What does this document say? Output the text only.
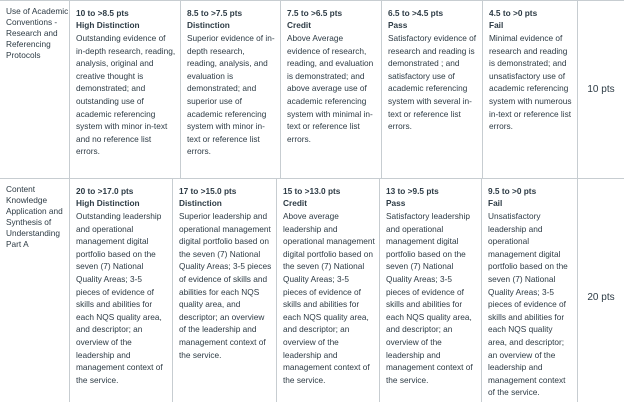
Use of Academic Conventions - Research and Referencing Protocols
10 to >8.5 pts
High Distinction
Outstanding evidence of in-depth research, reading, analysis, original and creative thought is demonstrated; and outstanding use of academic referencing system with minor in-text and no reference list errors.
8.5 to >7.5 pts
Distinction
Superior evidence of in-depth research, reading, analysis, and evaluation is demonstrated; and superior use of academic referencing system with minor in-text or reference list errors.
7.5 to >6.5 pts
Credit
Above Average evidence of research, reading, and evaluation is demonstrated; and above average use of academic referencing system with minimal in-text or reference list errors.
6.5 to >4.5 pts
Pass
Satisfactory evidence of research and reading is demonstrated ; and satisfactory use of academic referencing system with several in-text or reference list errors.
4.5 to >0 pts
Fail
Minimal evidence of research and reading is demonstrated; and unsatisfactory use of academic referencing system with numerous in-text or reference list errors.
10 pts
Content Knowledge Application and Synthesis of Understanding Part A
20 to >17.0 pts
High Distinction
Outstanding leadership and operational management digital portfolio based on the seven (7) National Quality Areas; 3-5 pieces of evidence of skills and abilities for each NQS quality area, and descriptor; an overview of the leadership and management context of the service.
17 to >15.0 pts
Distinction
Superior leadership and operational management digital portfolio based on the seven (7) National Quality Areas; 3-5 pieces of evidence of skills and abilities for each NQS quality area, and descriptor; an overview of the leadership and management context of the service.
15 to >13.0 pts
Credit
Above average leadership and operational management digital portfolio based on the seven (7) National Quality Areas; 3-5 pieces of evidence of skills and abilities for each NQS quality area, and descriptor; an overview of the leadership and management context of the service.
13 to >9.5 pts
Pass
Satisfactory leadership and operational management digital portfolio based on the seven (7) National Quality Areas; 3-5 pieces of evidence of skills and abilities for each NQS quality area, and descriptor; an overview of the leadership and management context of the service.
9.5 to >0 pts
Fail
Unsatisfactory leadership and operational management digital portfolio based on the seven (7) National Quality Areas; 3-5 pieces of evidence of skills and abilities for each NQS quality area, and descriptor; an overview of the leadership and management context of the service.
20 pts
